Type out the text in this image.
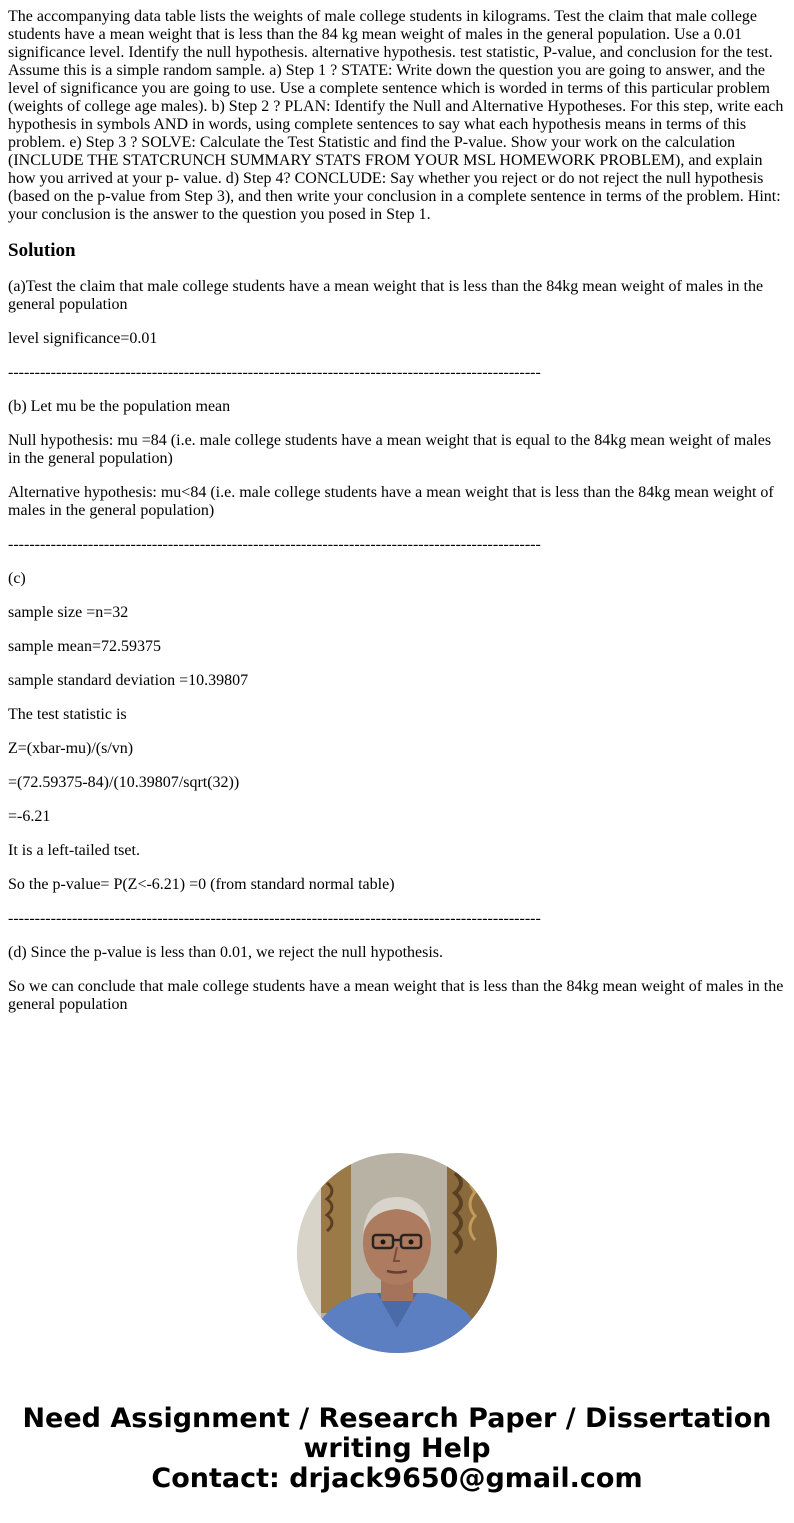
The accompanying data table lists the weights of male college students in kilograms. Test the claim that male college students have a mean weight that is less than the 84 kg mean weight of males in the general population. Use a 0.01 significance level. Identify the null hypothesis. alternative hypothesis. test statistic, P-value, and conclusion for the test. Assume this is a simple random sample. a) Step 1 ? STATE: Write down the question you are going to answer, and the level of significance you are going to use. Use a complete sentence which is worded in terms of this particular problem (weights of college age males). b) Step 2 ? PLAN: Identify the Null and Alternative Hypotheses. For this step, write each hypothesis in symbols AND in words, using complete sentences to say what each hypothesis means in terms of this problem. e) Step 3 ? SOLVE: Calculate the Test Statistic and find the P-value. Show your work on the calculation (INCLUDE THE STATCRUNCH SUMMARY STATS FROM YOUR MSL HOMEWORK PROBLEM), and explain how you arrived at your p- value. d) Step 4? CONCLUDE: Say whether you reject or do not reject the null hypothesis (based on the p-value from Step 3), and then write your conclusion in a complete sentence in terms of the problem. Hint: your conclusion is the answer to the question you posed in Step 1.
Solution
(a)Test the claim that male college students have a mean weight that is less than the 84kg mean weight of males in the general population
level significance=0.01
----------------------------------------------------------------------------------------------------
(b) Let mu be the population mean
Null hypothesis: mu =84 (i.e. male college students have a mean weight that is equal to the 84kg mean weight of males in the general population)
Alternative hypothesis: mu<84 (i.e. male college students have a mean weight that is less than the 84kg mean weight of males in the general population)
----------------------------------------------------------------------------------------------------
(c)
sample size =n=32
sample mean=72.59375
sample standard deviation =10.39807
The test statistic is
Z=(xbar-mu)/(s/vn)
=(72.59375-84)/(10.39807/sqrt(32))
=-6.21
It is a left-tailed tset.
So the p-value= P(Z<-6.21) =0 (from standard normal table)
----------------------------------------------------------------------------------------------------
(d) Since the p-value is less than 0.01, we reject the null hypothesis.
So we can conclude that male college students have a mean weight that is less than the 84kg mean weight of males in the general population
Need Assignment / Research Paper / Dissertation
writing Help
Contact: drjack9650@gmail.com
